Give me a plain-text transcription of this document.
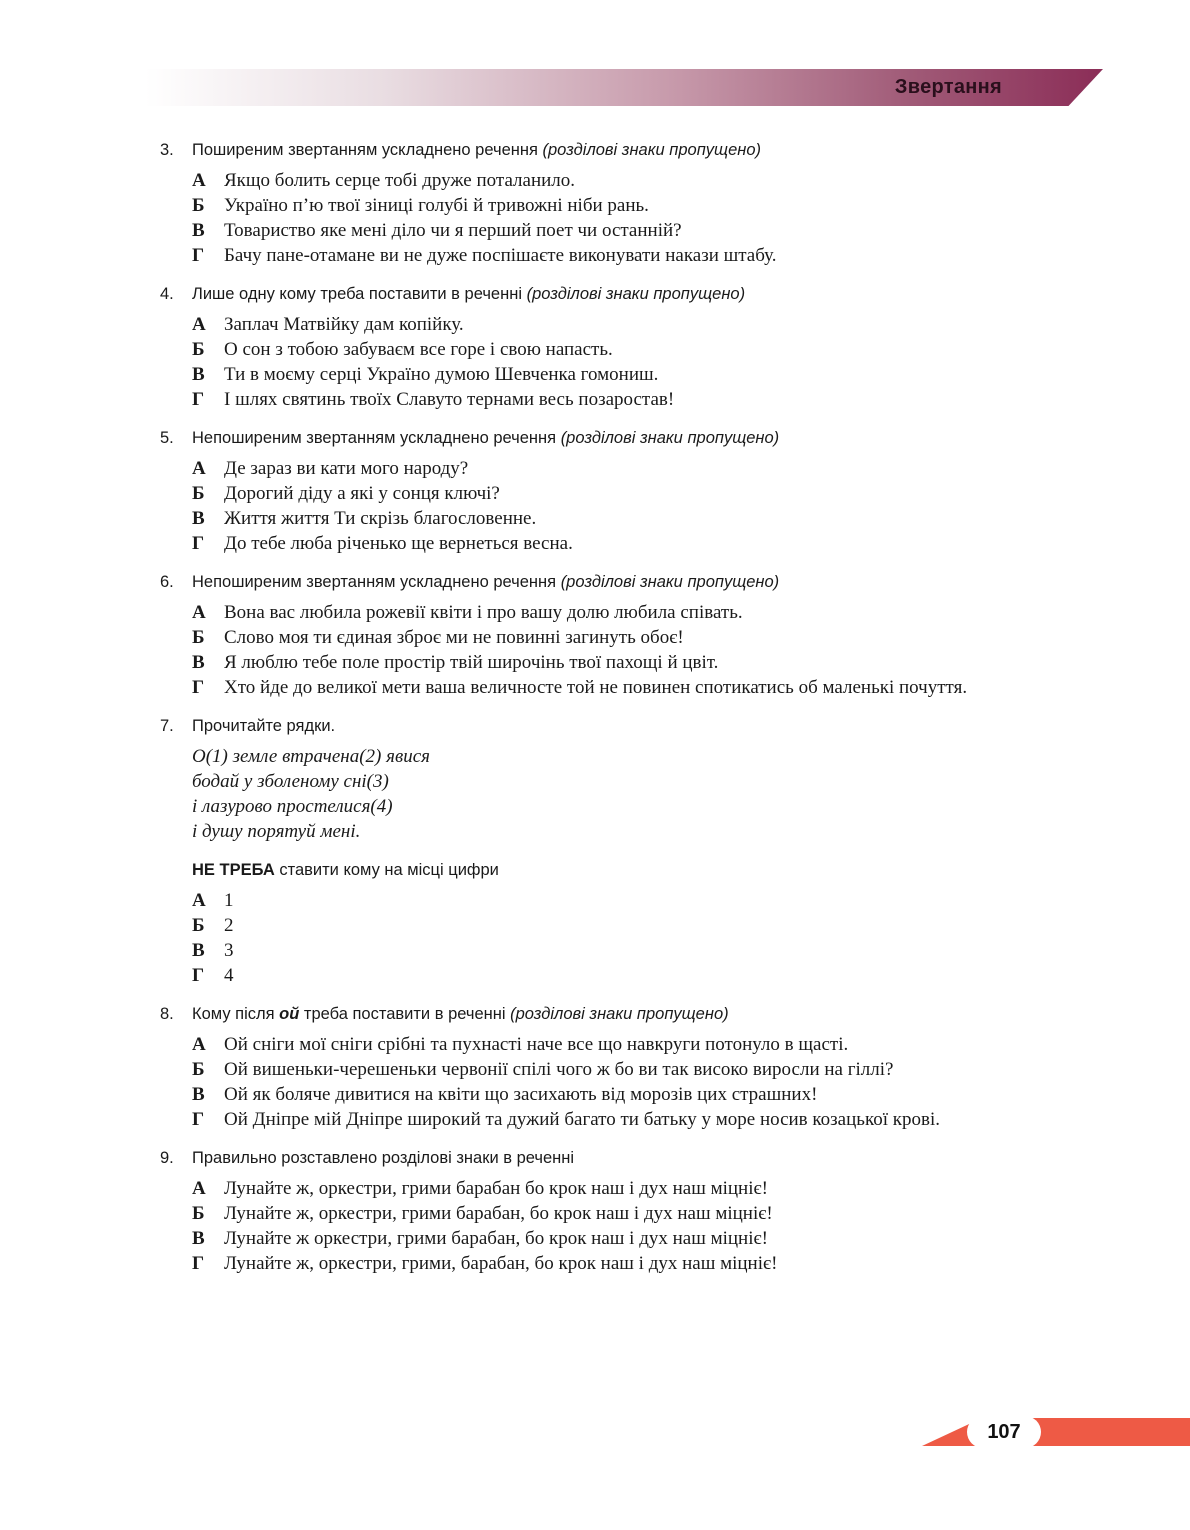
Звертання
3.	Поширеним звертанням ускладнено речення (розділові знаки пропущено)
А Якщо болить серце тобі друже поталанило.
Б	Україно п’ю твої зіниці голубі й тривожні ніби рань.
В	Товариство яке мені діло чи я перший поет чи останній?
Г	Бачу пане-отамане ви не дуже поспішаєте виконувати накази штабу.
4.	Лише одну кому треба поставити в реченні (розділові знаки пропущено)
А Заплач Матвійку дам копійку.
Б	О сон з тобою забуваєм все горе і свою напасть.
В	Ти в моєму серці Україно думою Шевченка гомониш.
Г	І шлях святинь твоїх Славуто тернами весь позаростав!
5.	Непоширеним звертанням ускладнено речення (розділові знаки пропущено)
А Де зараз ви кати мого народу?
Б	Дорогий діду а які у сонця ключі?
В	Життя життя Ти скрізь благословенне.
Г	До тебе люба річенько ще вернеться весна.
6.	Непоширеним звертанням ускладнено речення (розділові знаки пропущено)
А Вона вас любила рожевії квіти і про вашу долю любила співать.
Б	Слово моя ти єдиная зброє ми не повинні загинуть обоє!
В	Я люблю тебе поле простір твій широчінь твої пахощі й цвіт.
Г	Хто йде до великої мети ваша величносте той не повинен спотикатись об маленькі почуття.
7.	Прочитайте рядки.
О(1) земле втрачена(2) явися
бодай у зболеному сні(3)
і лазурово простелися(4)
і душу порятуй мені.
НЕ ТРЕБА ставити кому на місці цифри
А 1
Б	2
В	3
Г	4
8.	Кому після ой треба поставити в реченні (розділові знаки пропущено)
А Ой сніги мої сніги срібні та пухнасті наче все що навкруги потонуло в щасті.
Б	Ой вишеньки-черешеньки червонії спілі чого ж бо ви так високо виросли на гіллі?
В	Ой як боляче дивитися на квіти що засихають від морозів цих страшних!
Г	Ой Дніпре мій Дніпре широкий та дужий багато ти батьку у море носив козацької крові.
9.	Правильно розставлено розділові знаки в реченні
А Лунайте ж, оркестри, грими барабан бо крок наш і дух наш міцніє!
Б	Лунайте ж, оркестри, грими барабан, бо крок наш і дух наш міцніє!
В	Лунайте ж оркестри, грими барабан, бо крок наш і дух наш міцніє!
Г	Лунайте ж, оркестри, грими, барабан, бо крок наш і дух наш міцніє!
107
